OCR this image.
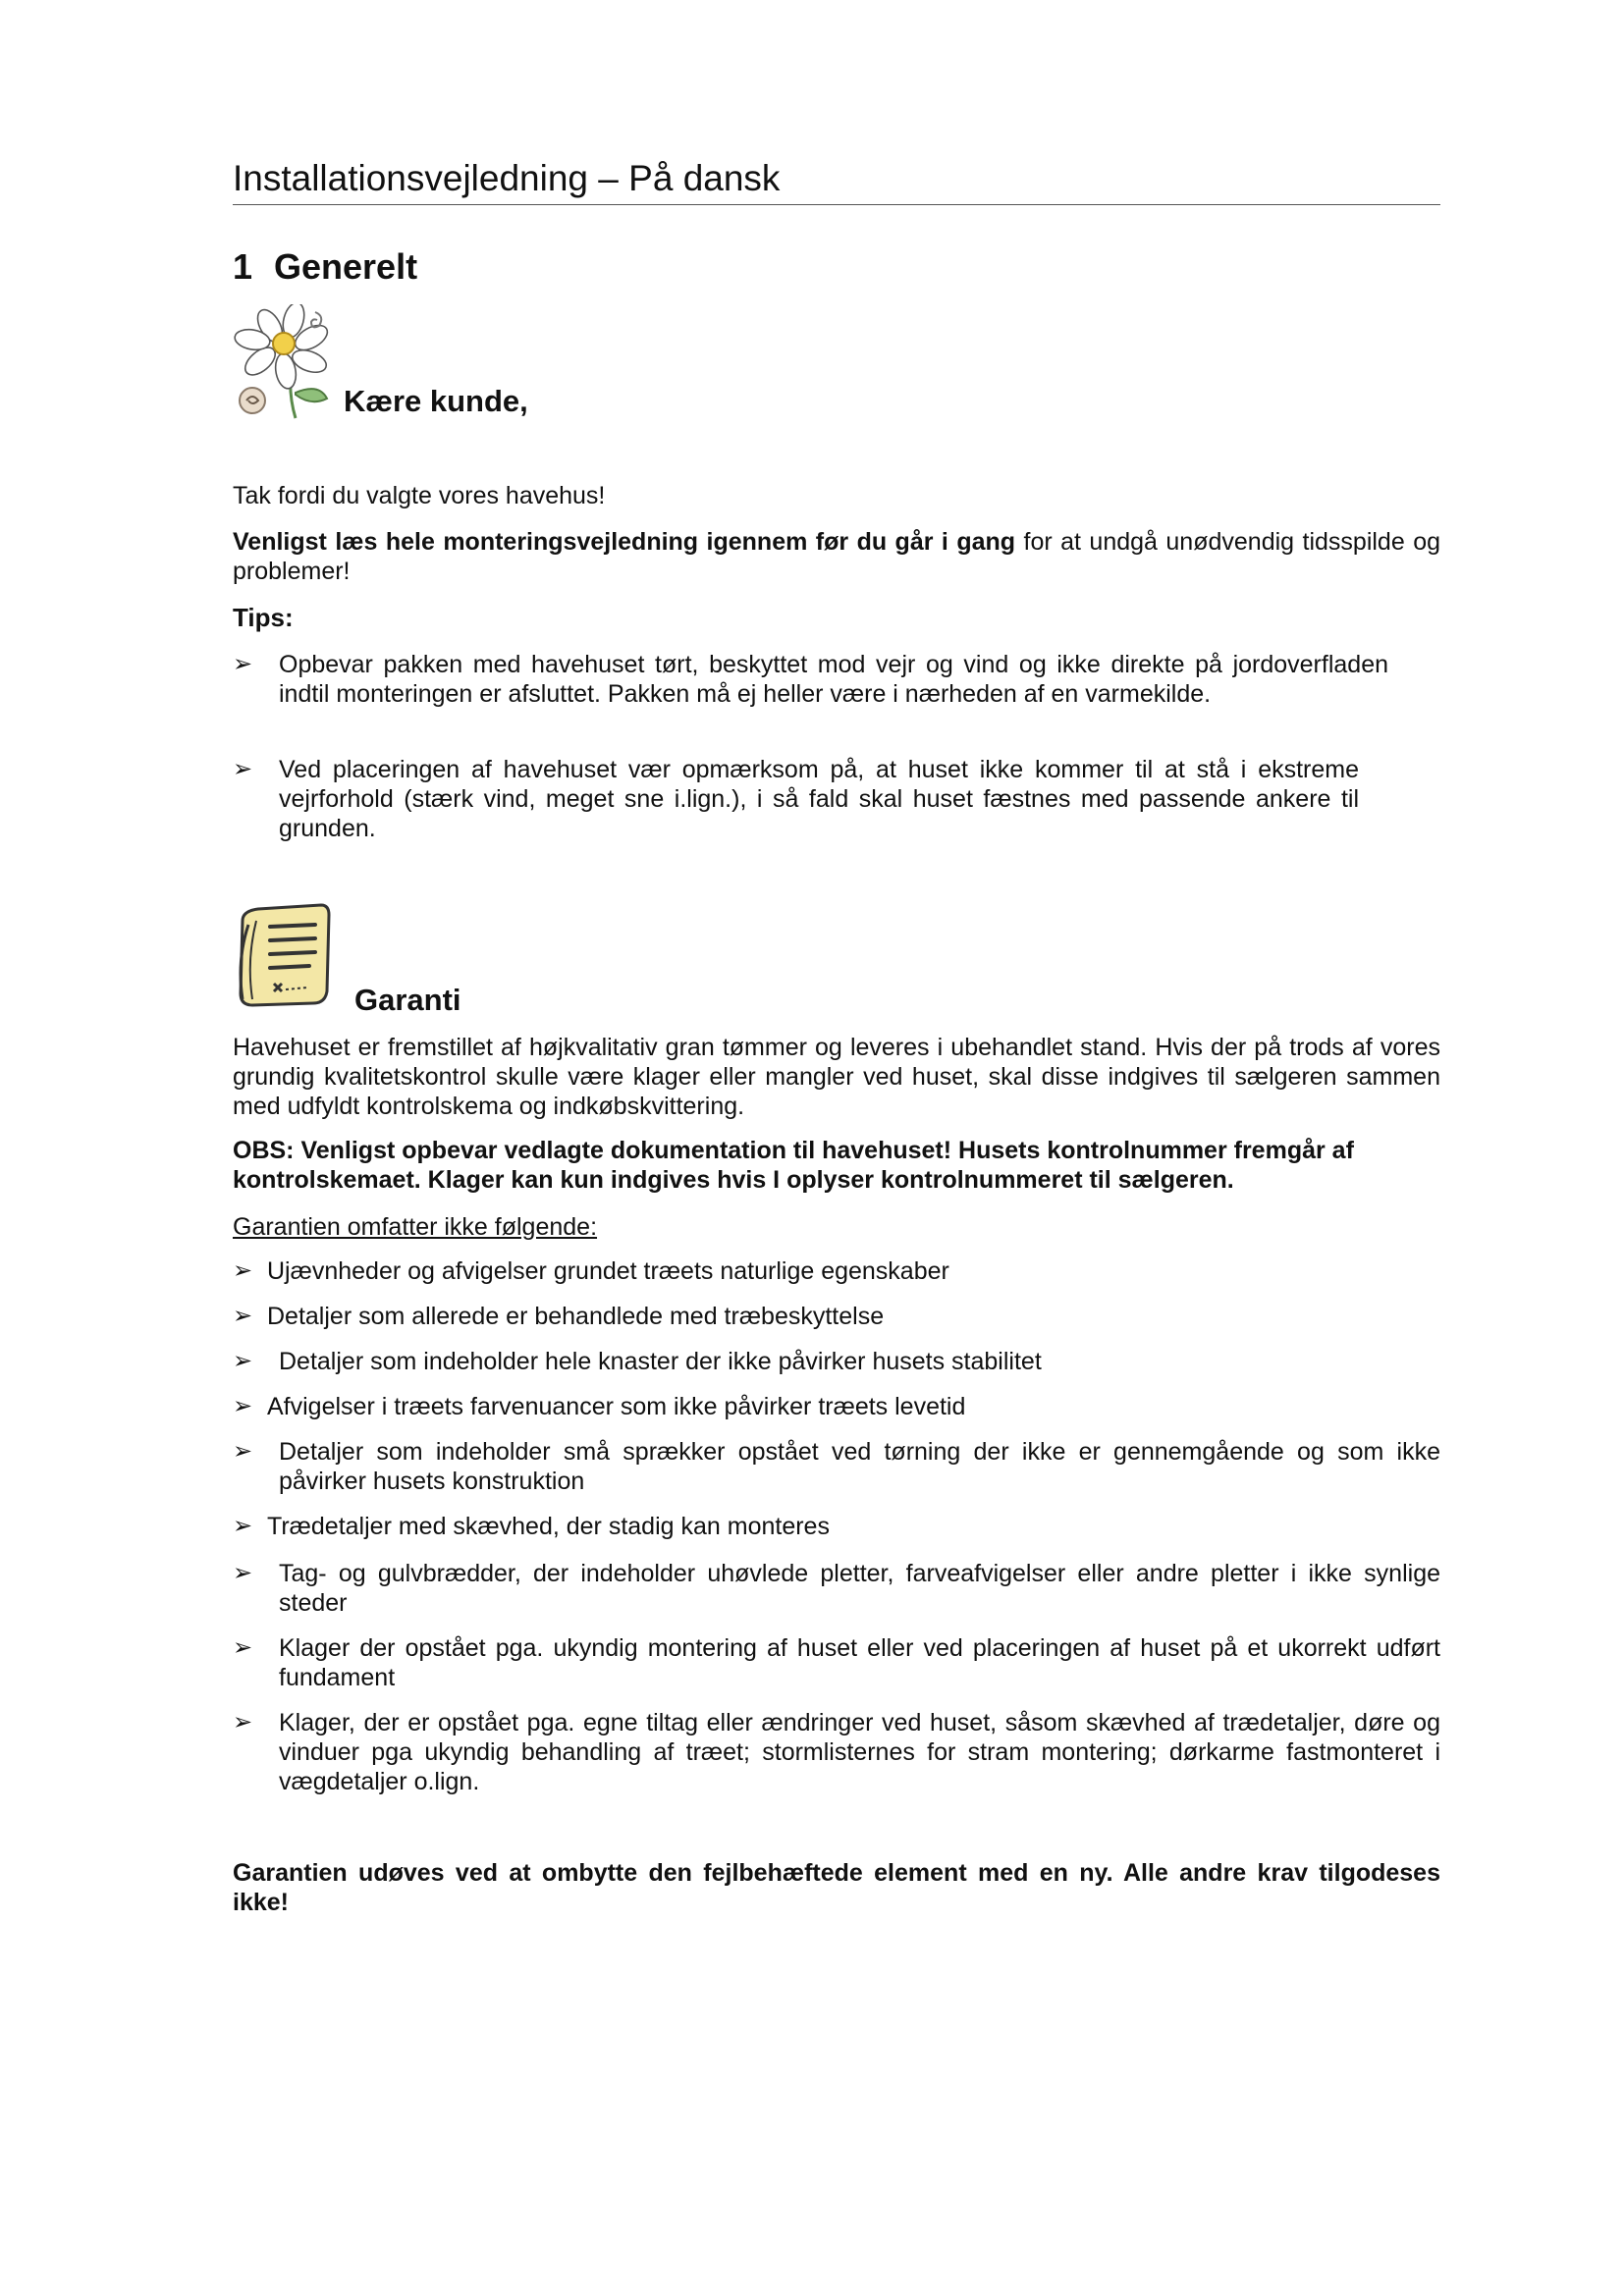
Installationsvejledning – På dansk
1 Generelt
Kære kunde,

Tak fordi du valgte vores havehus!

Venligst læs hele monteringsvejledning igennem før du går i gang for at undgå unødvendig tidsspilde og problemer!

Tips:
➢ Opbevar pakken med havehuset tørt, beskyttet mod vejr og vind og ikke direkte på jordoverfladen indtil monteringen er afsluttet. Pakken må ej heller være i nærheden af en varmekilde.
➢ Ved placeringen af havehuset vær opmærksom på, at huset ikke kommer til at stå i ekstreme vejrforhold (stærk vind, meget sne i.lign.), i så fald skal huset fæstnes med passende ankere til grunden.
Garanti

Havehuset er fremstillet af højkvalitativ gran tømmer og leveres i ubehandlet stand. Hvis der på trods af vores grundig kvalitetskontrol skulle være klager eller mangler ved huset, skal disse indgives til sælgeren sammen med udfyldt kontrolskema og indkøbskvittering.

OBS: Venligst opbevar vedlagte dokumentation til havehuset! Husets kontrolnummer fremgår af kontrolskemaet. Klager kan kun indgives hvis I oplyser kontrolnummeret til sælgeren.
Garantien omfatter ikke følgende:
➢ Ujævnheder og afvigelser grundet træets naturlige egenskaber
➢ Detaljer som allerede er behandlede med træbeskyttelse
➢ Detaljer som indeholder hele knaster der ikke påvirker husets stabilitet
➢ Afvigelser i træets farvenuancer som ikke påvirker træets levetid
➢ Detaljer som indeholder små sprækker opstået ved tørning der ikke er gennemgående og som ikke påvirker husets konstruktion
➢ Trædetaljer med skævhed, der stadig kan monteres
➢ Tag- og gulvbrædder, der indeholder uhøvlede pletter, farveafvigelser eller andre pletter i ikke synlige steder
➢ Klager der opstået pga. ukyndig montering af huset eller ved placeringen af huset på et ukorrekt udført fundament
➢ Klager, der er opstået pga. egne tiltag eller ændringer ved huset, såsom skævhed af trædetaljer, døre og vinduer pga ukyndig behandling af træet; stormlisternes for stram montering; dørkarme fastmonteret i vægdetaljer o.lign.
Garantien udøves ved at ombytte den fejlbehæftede element med en ny. Alle andre krav tilgodeses ikke!
